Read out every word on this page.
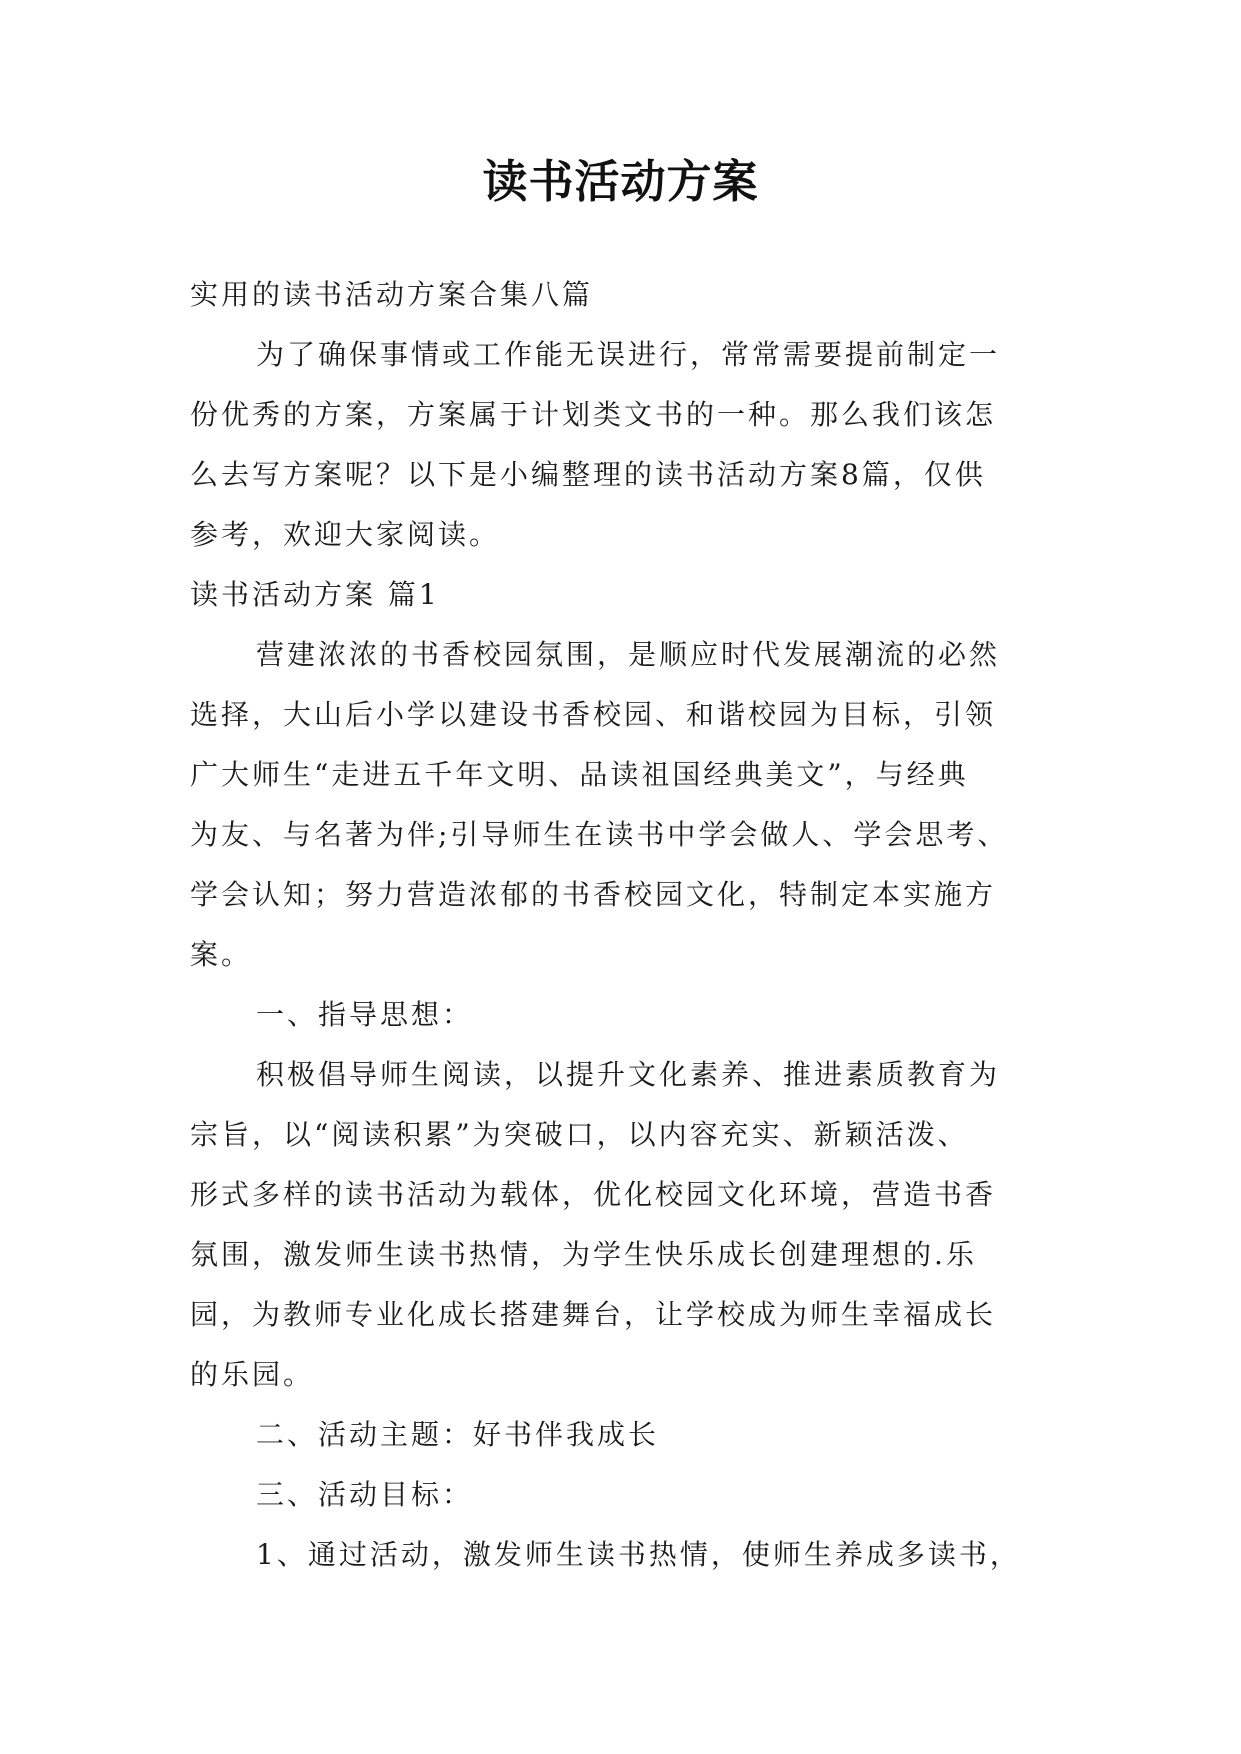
读书活动方案
实用的读书活动方案合集八篇
为了确保事情或工作能无误进行，常常需要提前制定一
份优秀的方案，方案属于计划类文书的一种。那么我们该怎
么去写方案呢？以下是小编整理的读书活动方案8篇，仅供
参考，欢迎大家阅读。
读书活动方案 篇1
营建浓浓的书香校园氛围，是顺应时代发展潮流的必然
选择，大山后小学以建设书香校园、和谐校园为目标，引领
广大师生“走进五千年文明、品读祖国经典美文”，与经典
为友、与名著为伴;引导师生在读书中学会做人、学会思考、
学会认知；努力营造浓郁的书香校园文化，特制定本实施方
案。
一、指导思想：
积极倡导师生阅读，以提升文化素养、推进素质教育为
宗旨，以“阅读积累”为突破口，以内容充实、新颖活泼、
形式多样的读书活动为载体，优化校园文化环境，营造书香
氛围，激发师生读书热情，为学生快乐成长创建理想的.乐
园，为教师专业化成长搭建舞台，让学校成为师生幸福成长
的乐园。
二、活动主题：好书伴我成长
三、活动目标：
1、通过活动，激发师生读书热情，使师生养成多读书，
